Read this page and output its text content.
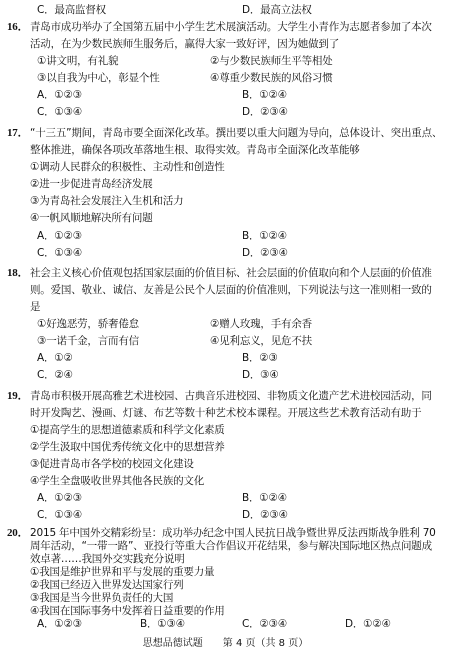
C．最高监督权	D．最高立法权
16． 青岛市成功举办了全国第五届中小学生艺术展演活动。大学生小青作为志愿者参加了本次
活动，在为少数民族师生服务后，赢得大家一致好评，因为她做到了
①讲文明，有礼貌	②与少数民族师生平等相处
③以自我为中心，彰显个性	④尊重少数民族的风俗习惯
A．①②③	B．①②④
C．①③④	D．②③④
17． “十三五”期间，青岛市要全面深化改革。撰出要以重大问题为导向，总体设计、突出重点、
整体推进，确保各项改革落地生根、取得实效。青岛市全面深化改革能够
①调动人民群众的积极性、主动性和创造性
②进一步促进青岛经济发展
③为青岛社会发展注入生机和活力
④一帆风顺地解决所有问题
A．①②③	B．①②④
C．①③④	D．②③④
18． 社会主义核心价值观包括国家层面的价值目标、社会层面的价值取向和个人层面的价值准
则。爱国、敬业、诚信、友善是公民个人层面的价值准则，下列说法与这一准则相一致的
是
①好逸恶劳，骄奢倦怠	②赠人玫瑰，手有余香
③一诺千金，言而有信	④见利忘义，见危不扶
A．①②	B．②③
C．②④	D．③④
19． 青岛市积极开展高雅艺术进校园、古典音乐进校园、非物质文化遗产艺术进校园活动，同
时开发陶艺、漫画、灯谜、布艺等数十种艺术校本课程。开展这些艺术教育活动有助于
①提高学生的思想道德素质和科学文化素质
②学生汲取中国优秀传统文化中的思想营养
③促进青岛市各学校的校园文化建设
④学生全盘吸收世界其他各民族的文化
A．①②③	B．①②④
C．①③④	D．②③④
20． 2015 年中国外交精彩纷呈：成功举办纪念中国人民抗日战争暨世界反法西斯战争胜利 70
周年活动，“一带一路”、亚投行等重大合作倡议开花结果，参与解决国际地区热点问题成
效卓著……我国外交实践充分说明
①我国是维护世界和平与发展的重要力量
②我国已经迈入世界发达国家行列
③我国是当今世界负责任的大国
④我国在国际事务中发挥着日益重要的作用
A．①②③	B．①③④	C．②③④	D．①②④
思想品德试题　　第 4 页（共 8 页）
